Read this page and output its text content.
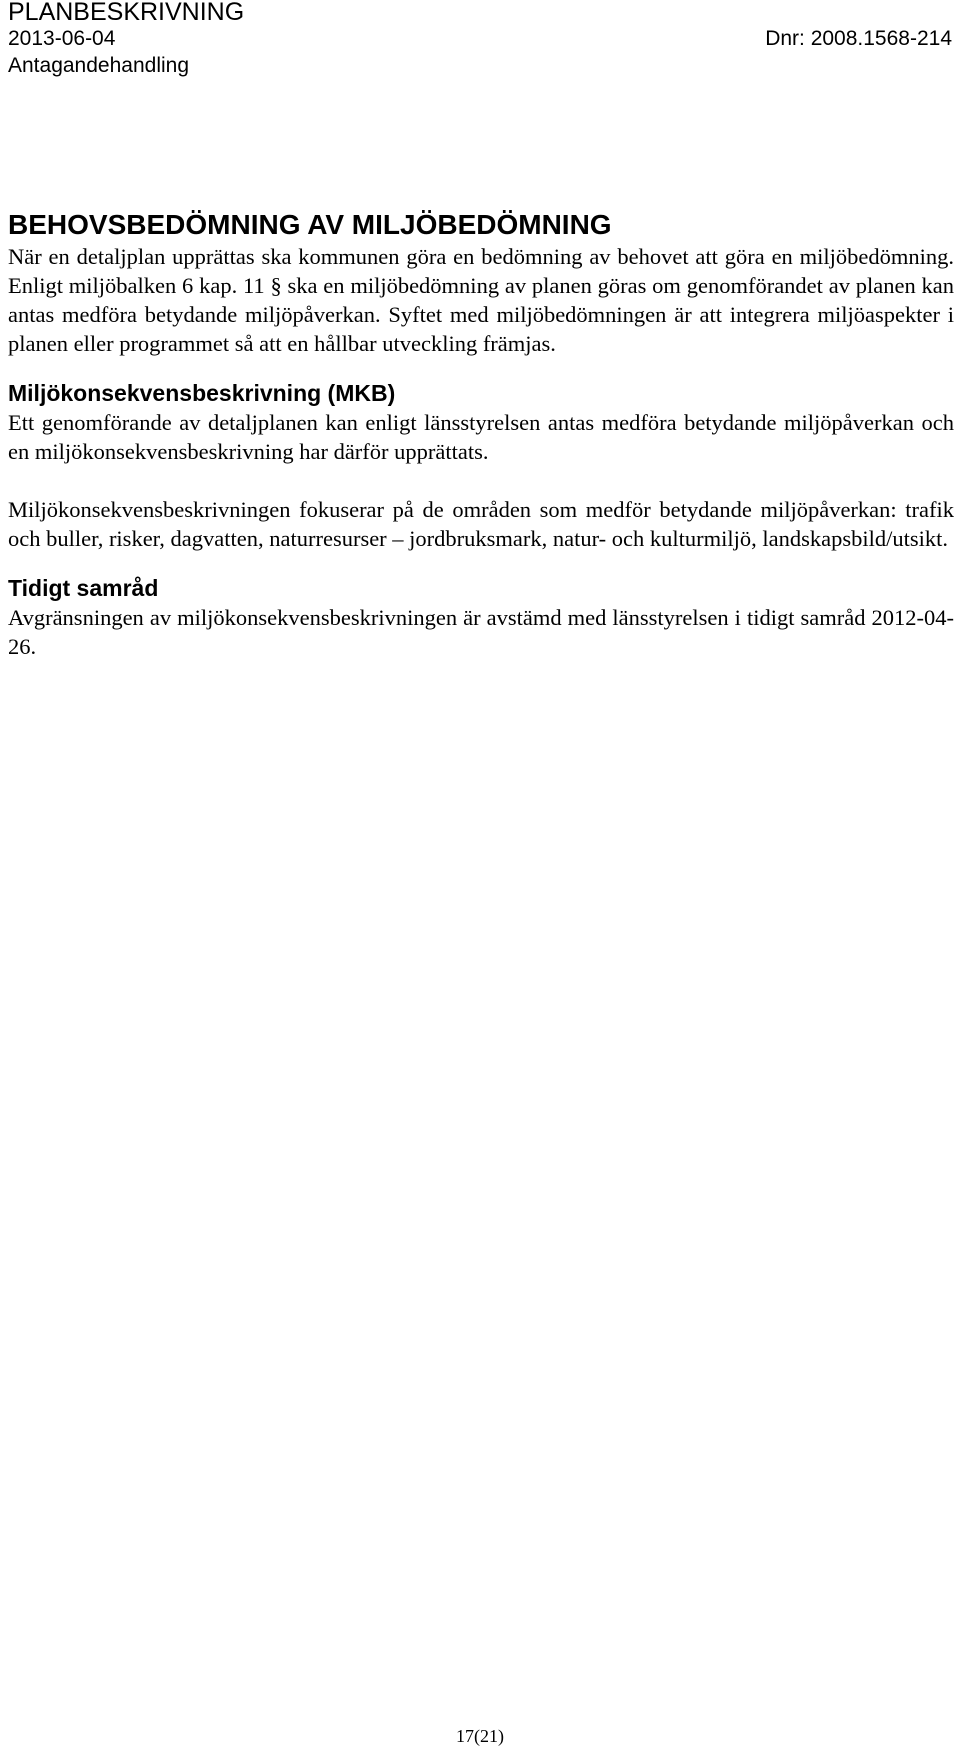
PLANBESKRIVNING
2013-06-04	Dnr: 2008.1568-214
Antagandehandling
BEHOVSBEDÖMNING AV MILJÖBEDÖMNING

När en detaljplan upprättas ska kommunen göra en bedömning av behovet att göra en miljöbedömning. Enligt miljöbalken 6 kap. 11 § ska en miljöbedömning av planen göras om genomförandet av planen kan antas medföra betydande miljöpåverkan. Syftet med miljöbedömningen är att integrera miljöaspekter i planen eller programmet så att en hållbar utveckling främjas.

Miljökonsekvensbeskrivning (MKB)

Ett genomförande av detaljplanen kan enligt länsstyrelsen antas medföra betydande miljöpåverkan och en miljökonsekvensbeskrivning har därför upprättats.

Miljökonsekvensbeskrivningen fokuserar på de områden som medför betydande miljöpåverkan: trafik och buller, risker, dagvatten, naturresurser – jordbruksmark, natur- och kulturmiljö, landskapsbild/utsikt.

Tidigt samråd

Avgränsningen av miljökonsekvensbeskrivningen är avstämd med länsstyrelsen i tidigt samråd 2012-04-26.

17(21)
